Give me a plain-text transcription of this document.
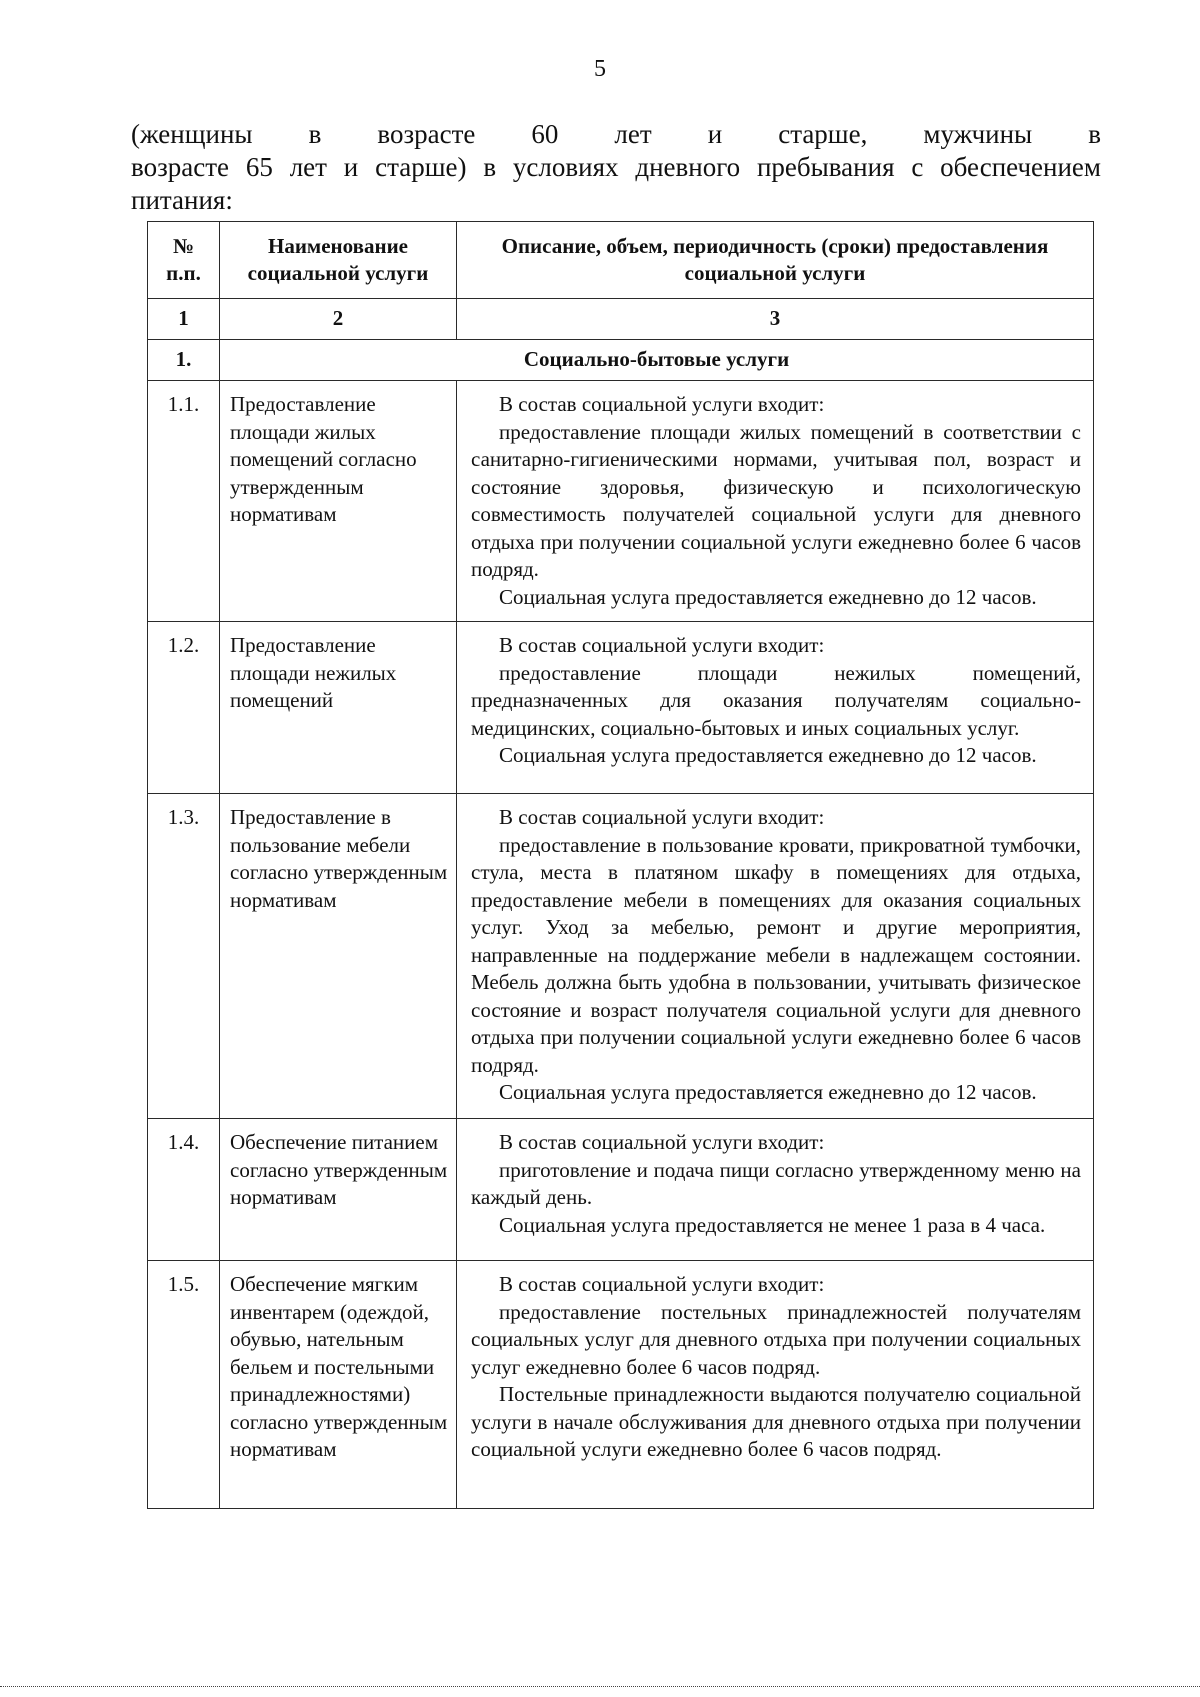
5
(женщины в возрасте 60 лет и старше, мужчины в
возрасте 65 лет и старше) в условиях дневного пребывания с обеспечением питания:
№ п.п.	Наименование социальной услуги	Описание, объем, периодичность (сроки) предоставления социальной услуги
1	2	3
1.	Социально-бытовые услуги	
1.1.	Предоставление площади жилых помещений согласно утвержденным нормативам	В состав социальной услуги входит:

предоставление площади жилых помещений в соответствии с санитарно-гигиеническими нормами, учитывая пол, возраст и состояние здоровья, физическую и психологическую совместимость получателей социальной услуги для дневного отдыха при получении социальной услуги ежедневно более 6 часов подряд.

Социальная услуга предоставляется ежедневно до 12 часов.

1.2.	Предоставление площади нежилых помещений	В состав социальной услуги входит:

предоставление площади нежилых помещений, предназначенных для оказания получателям социально-медицинских, социально-бытовых и иных социальных услуг.

Социальная услуга предоставляется ежедневно до 12 часов.

1.3.	Предоставление в пользование мебели согласно утвержденным нормативам	В состав социальной услуги входит:

предоставление в пользование кровати, прикроватной тумбочки, стула, места в платяном шкафу в помещениях для отдыха, предоставление мебели в помещениях для оказания социальных услуг. Уход за мебелью, ремонт и другие мероприятия, направленные на поддержание мебели в надлежащем состоянии. Мебель должна быть удобна в пользовании, учитывать физическое состояние и возраст получателя социальной услуги для дневного отдыха при получении социальной услуги ежедневно более 6 часов подряд.

Социальная услуга предоставляется ежедневно до 12 часов.

1.4.	Обеспечение питанием согласно утвержденным нормативам	В состав социальной услуги входит:

приготовление и подача пищи согласно утвержденному меню на каждый день.

Социальная услуга предоставляется не менее 1 раза в 4 часа.

1.5.	Обеспечение мягким инвентарем (одеждой, обувью, нательным бельем и постельными принадлежностями) согласно утвержденным нормативам	В состав социальной услуги входит:

предоставление постельных принадлежностей получателям социальных услуг для дневного отдыха при получении социальных услуг ежедневно более 6 часов подряд.

Постельные принадлежности выдаются получателю социальной услуги в начале обслуживания для дневного отдыха при получении социальной услуги ежедневно более 6 часов подряд.
